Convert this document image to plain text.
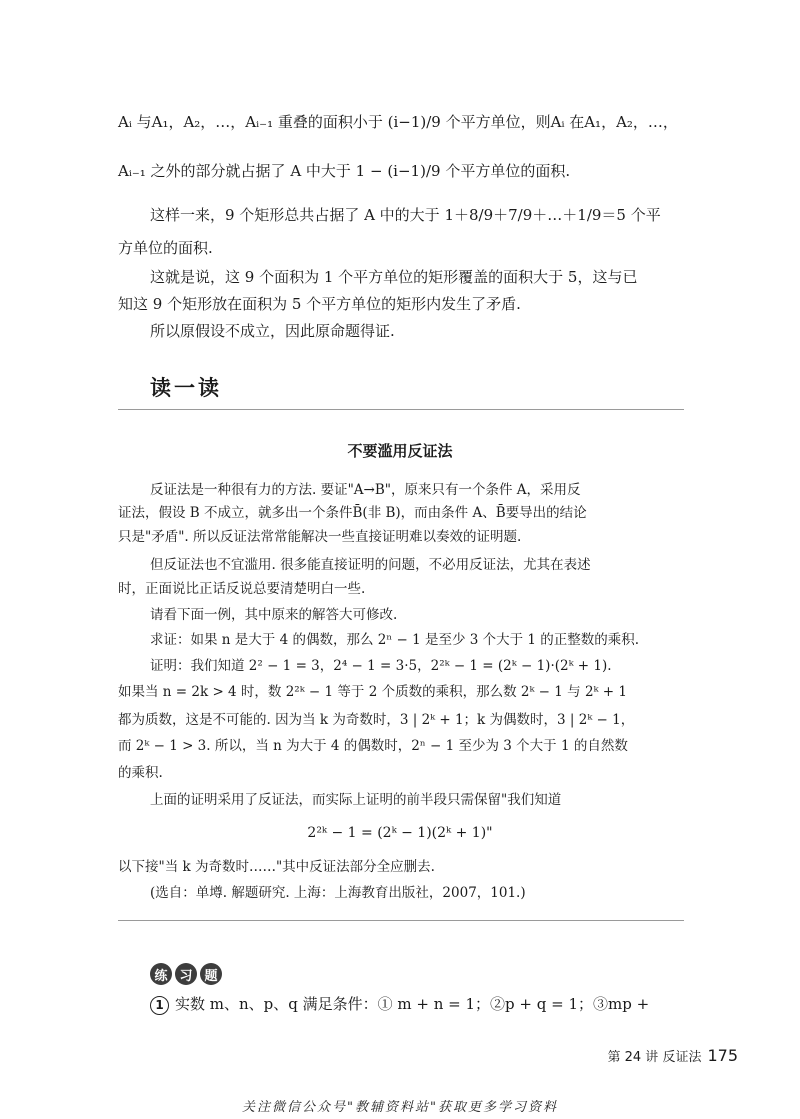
Aᵢ 与A₁，A₂，…，Aᵢ₋₁ 重叠的面积小于 (i−1)/9 个平方单位，则Aᵢ 在A₁，A₂，…，
Aᵢ₋₁ 之外的部分就占据了 A 中大于 1 − (i−1)/9 个平方单位的面积.
这样一来，9 个矩形总共占据了 A 中的大于 1＋8/9＋7/9＋…＋1/9＝5 个平
方单位的面积.
这就是说，这 9 个面积为 1 个平方单位的矩形覆盖的面积大于 5，这与已
知这 9 个矩形放在面积为 5 个平方单位的矩形内发生了矛盾.
所以原假设不成立，因此原命题得证.
读一读
不要滥用反证法
反证法是一种很有力的方法. 要证"A→B"，原来只有一个条件 A，采用反
证法，假设 B 不成立，就多出一个条件B̄(非 B)，而由条件 A、B̄要导出的结论
只是"矛盾". 所以反证法常常能解决一些直接证明难以奏效的证明题.
但反证法也不宜滥用. 很多能直接证明的问题，不必用反证法，尤其在表述
时，正面说比正话反说总要清楚明白一些.
请看下面一例，其中原来的解答大可修改.
求证：如果 n 是大于 4 的偶数，那么 2ⁿ − 1 是至少 3 个大于 1 的正整数的乘积.
证明：我们知道 2² − 1 = 3，2⁴ − 1 = 3·5，2²ᵏ − 1 = (2ᵏ − 1)·(2ᵏ + 1).
如果当 n = 2k > 4 时，数 2²ᵏ − 1 等于 2 个质数的乘积，那么数 2ᵏ − 1 与 2ᵏ + 1
都为质数，这是不可能的. 因为当 k 为奇数时，3 | 2ᵏ + 1；k 为偶数时，3 | 2ᵏ − 1，
而 2ᵏ − 1 > 3. 所以，当 n 为大于 4 的偶数时，2ⁿ − 1 至少为 3 个大于 1 的自然数
的乘积.
上面的证明采用了反证法，而实际上证明的前半段只需保留"我们知道
2²ᵏ − 1 = (2ᵏ − 1)(2ᵏ + 1)"
以下接"当 k 为奇数时……"其中反证法部分全应删去.
(选自：单墫. 解题研究. 上海：上海教育出版社，2007，101.)
练 习 题
1 实数 m、n、p、q 满足条件：① m + n = 1；②p + q = 1；③mp +
第 24 讲 反证法 175
关注微信公众号"教辅资料站"获取更多学习资料
